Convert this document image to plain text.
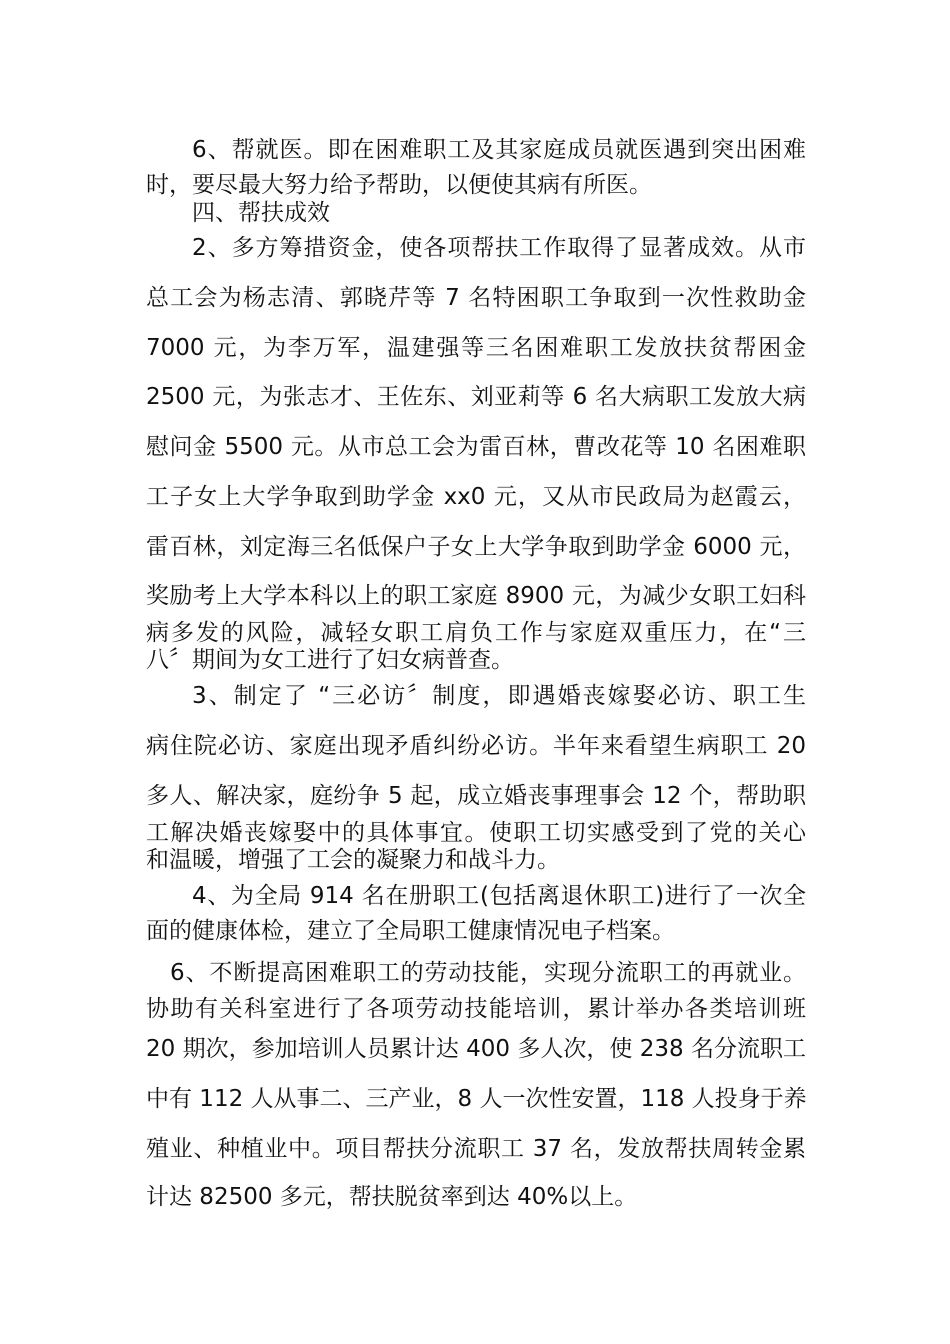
6、帮就医。即在困难职工及其家庭成员就医遇到突出困难
时，要尽最大努力给予帮助，以便使其病有所医。
四、帮扶成效
2、多方筹措资金，使各项帮扶工作取得了显著成效。从市
总工会为杨志清、郭晓芹等 7 名特困职工争取到一次性救助金
7000 元，为李万军，温建强等三名困难职工发放扶贫帮困金
2500 元，为张志才、王佐东、刘亚莉等 6 名大病职工发放大病
慰问金 5500 元。从市总工会为雷百林，曹改花等 10 名困难职
工子女上大学争取到助学金 xx0 元，又从市民政局为赵霞云，
雷百林，刘定海三名低保户子女上大学争取到助学金 6000 元，
奖励考上大学本科以上的职工家庭 8900 元，为减少女职工妇科
病多发的风险，减轻女职工肩负工作与家庭双重压力，在“三
八〞期间为女工进行了妇女病普查。
3、制定了 “三必访〞制度，即遇婚丧嫁娶必访、职工生
病住院必访、家庭出现矛盾纠纷必访。半年来看望生病职工 20
多人、解决家，庭纷争 5 起，成立婚丧事理事会 12 个，帮助职
工解决婚丧嫁娶中的具体事宜。使职工切实感受到了党的关心
和温暖，增强了工会的凝聚力和战斗力。
4、为全局 914 名在册职工(包括离退休职工)进行了一次全
面的健康体检，建立了全局职工健康情况电子档案。
6、不断提高困难职工的劳动技能，实现分流职工的再就业。
协助有关科室进行了各项劳动技能培训，累计举办各类培训班
20 期次，参加培训人员累计达 400 多人次，使 238 名分流职工
中有 112 人从事二、三产业，8 人一次性安置，118 人投身于养
殖业、种植业中。项目帮扶分流职工 37 名，发放帮扶周转金累
计达 82500 多元，帮扶脱贫率到达 40%以上。
